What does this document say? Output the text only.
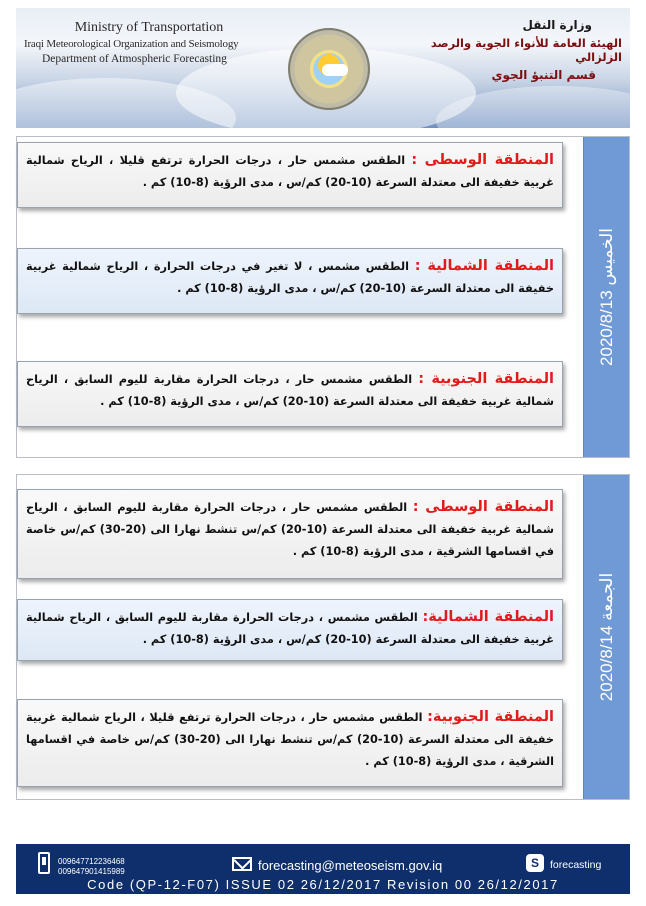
Ministry of Transportation
Iraqi Meteorological Organization and Seismology
Department of Atmospheric Forecasting
وزارة النقل
الهيئة العامة للأنواء الجوية والرصد الزلزالي
قسم التنبؤ الجوي
الخميس 2020/8/13
المنطقة الوسطى : الطقس مشمس حار ، درجات الحرارة ترتفع قليلا ، الرياح شمالية غربية خفيفة الى معتدلة السرعة (10-20) كم/س ، مدى الرؤية (8-10) كم .
المنطقة الشمالية : الطقس مشمس ، لا تغير في درجات الحرارة ، الرياح شمالية غربية خفيفة الى معتدلة السرعة (10-20) كم/س ، مدى الرؤية (8-10) كم .
المنطقة الجنوبية : الطقس مشمس حار ، درجات الحرارة مقاربة لليوم السابق ، الرياح شمالية غربية خفيفة الى معتدلة السرعة (10-20) كم/س ، مدى الرؤية (8-10) كم .
الجمعة 2020/8/14
المنطقة الوسطى : الطقس مشمس حار ، درجات الحرارة مقاربة لليوم السابق ، الرياح شمالية غربية خفيفة الى معتدلة السرعة (10-20) كم/س تنشط نهارا الى (20-30) كم/س خاصة في اقسامها الشرقية ، مدى الرؤية (8-10) كم .
المنطقة الشمالية: الطقس مشمس ، درجات الحرارة مقاربة لليوم السابق ، الرياح شمالية غربية خفيفة الى معتدلة السرعة (10-20) كم/س ، مدى الرؤية (8-10) كم .
المنطقة الجنوبية: الطقس مشمس حار ، درجات الحرارة ترتفع قليلا ، الرياح شمالية غربية خفيفة الى معتدلة السرعة (10-20) كم/س تنشط نهارا الى (20-30) كم/س خاصة في اقسامها الشرقية ، مدى الرؤية (8-10) كم .
009647712236468
009647901415989	forecasting@meteoseism.gov.iq	S	forecasting
Code (QP-12-F07) ISSUE 02 26/12/2017 Revision 00 26/12/2017
